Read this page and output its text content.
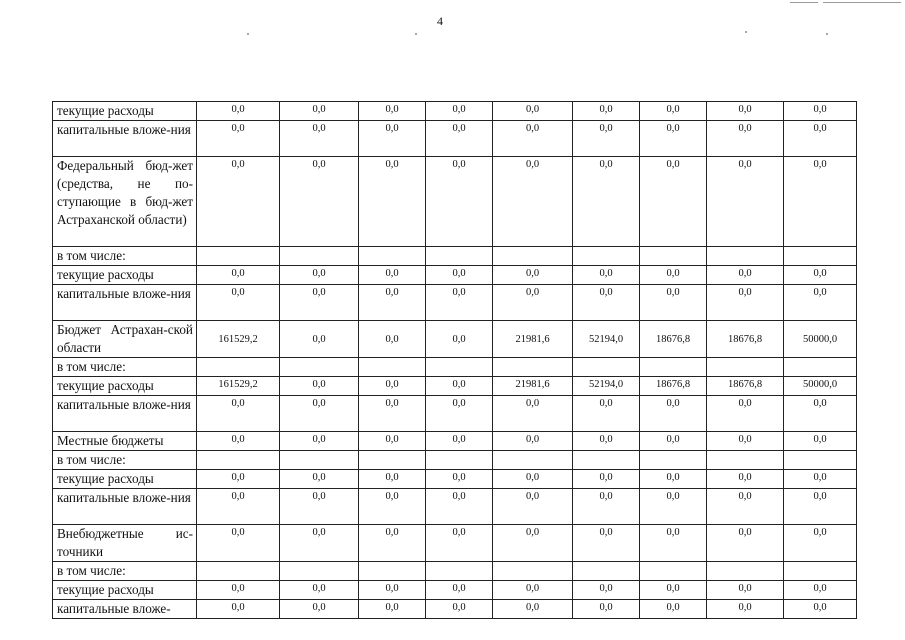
4
текущие расходы	0,0	0,0	0,0	0,0	0,0	0,0	0,0	0,0	0,0
капитальные вложе-ния	0,0	0,0	0,0	0,0	0,0	0,0	0,0	0,0	0,0
Федеральный бюд-жет (средства, не по-ступающие в бюд-жет Астраханской области)	0,0	0,0	0,0	0,0	0,0	0,0	0,0	0,0	0,0
в том числе:									
текущие расходы	0,0	0,0	0,0	0,0	0,0	0,0	0,0	0,0	0,0
капитальные вложе-ния	0,0	0,0	0,0	0,0	0,0	0,0	0,0	0,0	0,0
Бюджет Астрахан-ской области	161529,2	0,0	0,0	0,0	21981,6	52194,0	18676,8	18676,8	50000,0
в том числе:									
текущие расходы	161529,2	0,0	0,0	0,0	21981,6	52194,0	18676,8	18676,8	50000,0
капитальные вложе-ния	0,0	0,0	0,0	0,0	0,0	0,0	0,0	0,0	0,0
Местные бюджеты	0,0	0,0	0,0	0,0	0,0	0,0	0,0	0,0	0,0
в том числе:									
текущие расходы	0,0	0,0	0,0	0,0	0,0	0,0	0,0	0,0	0,0
капитальные вложе-ния	0,0	0,0	0,0	0,0	0,0	0,0	0,0	0,0	0,0
Внебюджетные ис-точники	0,0	0,0	0,0	0,0	0,0	0,0	0,0	0,0	0,0
в том числе:									
текущие расходы	0,0	0,0	0,0	0,0	0,0	0,0	0,0	0,0	0,0
капитальные вложе-	0,0	0,0	0,0	0,0	0,0	0,0	0,0	0,0	0,0
